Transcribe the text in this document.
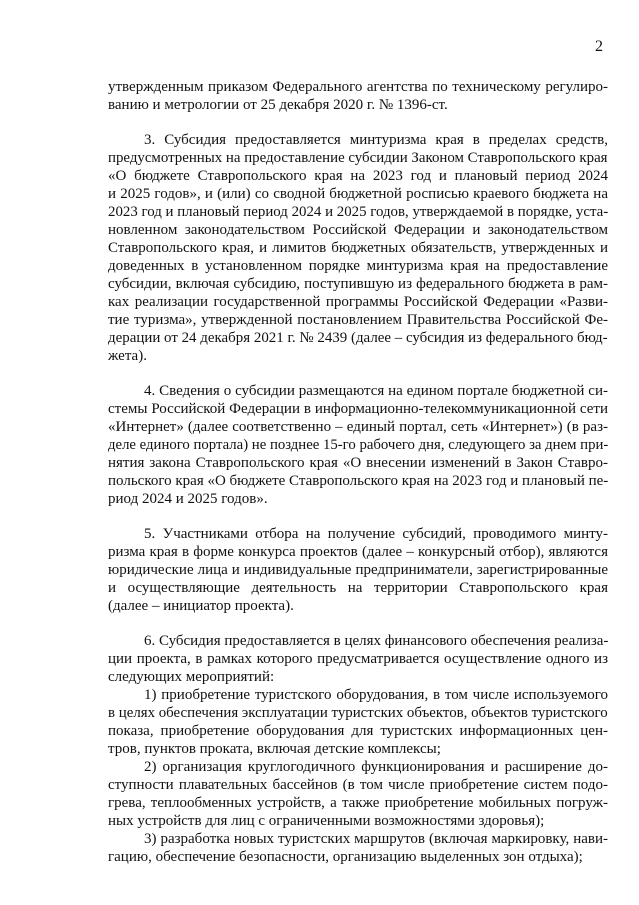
2
утвержденным приказом Федерального агентства по техническому регулиро-
ванию и метрологии от 25 декабря 2020 г. № 1396-ст.
3. Субсидия предоставляется минтуризма края в пределах средств,
предусмотренных на предоставление субсидии Законом Ставропольского края
«О бюджете Ставропольского края на 2023 год и плановый период 2024
и 2025 годов», и (или) со сводной бюджетной росписью краевого бюджета на
2023 год и плановый период 2024 и 2025 годов, утверждаемой в порядке, уста-
новленном законодательством Российской Федерации и законодательством
Ставропольского края, и лимитов бюджетных обязательств, утвержденных и
доведенных в установленном порядке минтуризма края на предоставление
субсидии, включая субсидию, поступившую из федерального бюджета в рам-
ках реализации государственной программы Российской Федерации «Разви-
тие туризма», утвержденной постановлением Правительства Российской Фе-
дерации от 24 декабря 2021 г. № 2439 (далее – субсидия из федерального бюд-
жета).
4. Сведения о субсидии размещаются на едином портале бюджетной си-
стемы Российской Федерации в информационно-телекоммуникационной сети
«Интернет» (далее соответственно – единый портал, сеть «Интернет») (в раз-
деле единого портала) не позднее 15-го рабочего дня, следующего за днем при-
нятия закона Ставропольского края «О внесении изменений в Закон Ставро-
польского края «О бюджете Ставропольского края на 2023 год и плановый пе-
риод 2024 и 2025 годов».
5. Участниками отбора на получение субсидий, проводимого минту-
ризма края в форме конкурса проектов (далее – конкурсный отбор), являются
юридические лица и индивидуальные предприниматели, зарегистрированные
и осуществляющие деятельность на территории Ставропольского края
(далее – инициатор проекта).
6. Субсидия предоставляется в целях финансового обеспечения реализа-
ции проекта, в рамках которого предусматривается осуществление одного из
следующих мероприятий:
1) приобретение туристского оборудования, в том числе используемого
в целях обеспечения эксплуатации туристских объектов, объектов туристского
показа, приобретение оборудования для туристских информационных цен-
тров, пунктов проката, включая детские комплексы;
2) организация круглогодичного функционирования и расширение до-
ступности плавательных бассейнов (в том числе приобретение систем подо-
грева, теплообменных устройств, а также приобретение мобильных погруж-
ных устройств для лиц с ограниченными возможностями здоровья);
3) разработка новых туристских маршрутов (включая маркировку, нави-
гацию, обеспечение безопасности, организацию выделенных зон отдыха);
